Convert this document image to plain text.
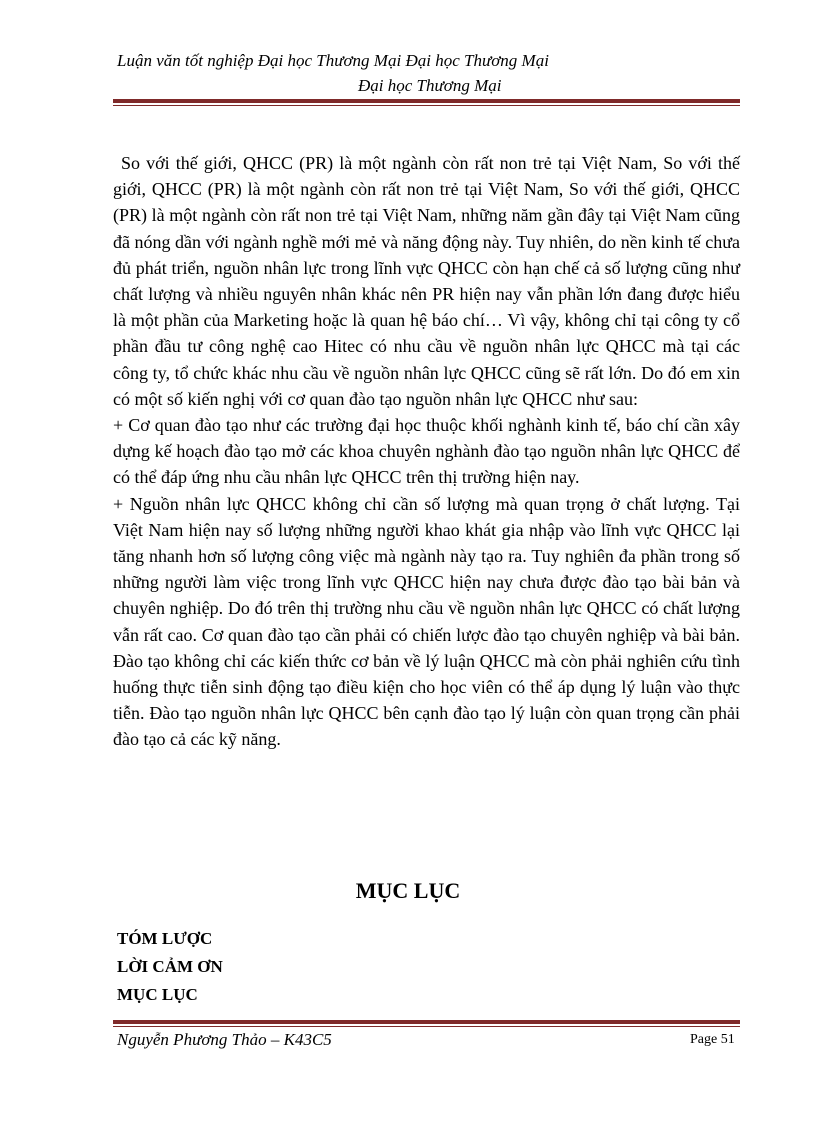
Luận văn tốt nghiệp Đại học Thương Mại Đại học Thương Mại
Đại học Thương Mại

So với thế giới, QHCC (PR) là một ngành còn rất non trẻ tại Việt Nam, So với thế giới, QHCC (PR) là một ngành còn rất non trẻ tại Việt Nam, So với thế giới, QHCC (PR) là một ngành còn rất non trẻ tại Việt Nam, những năm gần đây tại Việt Nam cũng đã nóng dần với ngành nghề mới mẻ và năng động này. Tuy nhiên, do nền kinh tế chưa đủ phát triển, nguồn nhân lực trong lĩnh vực QHCC còn hạn chế cả số lượng cũng như chất lượng và nhiều nguyên nhân khác nên PR hiện nay vẫn phần lớn đang được hiểu là một phần của Marketing hoặc là quan hệ báo chí… Vì vậy, không chỉ tại công ty cổ phần đầu tư công nghệ cao Hitec có nhu cầu về nguồn nhân lực QHCC mà tại các công ty, tổ chức khác nhu cầu về nguồn nhân lực QHCC cũng sẽ rất lớn. Do đó em xin có một số kiến nghị với cơ quan đào tạo nguồn nhân lực QHCC như sau:

+ Cơ quan đào tạo như các trường đại học thuộc khối nghành kinh tế, báo chí cần xây dựng kế hoạch đào tạo mở các khoa chuyên nghành đào tạo nguồn nhân lực QHCC để có thể đáp ứng nhu cầu nhân lực QHCC trên thị trường hiện nay.

+ Nguồn nhân lực QHCC không chỉ cần số lượng mà quan trọng ở chất lượng. Tại Việt Nam hiện nay số lượng những người khao khát gia nhập vào lĩnh vực QHCC lại tăng nhanh hơn số lượng công việc mà ngành này tạo ra. Tuy nghiên đa phần trong số những người làm việc trong lĩnh vực QHCC hiện nay chưa được đào tạo bài bản và chuyên nghiệp. Do đó trên thị trường nhu cầu về nguồn nhân lực QHCC có chất lượng vẫn rất cao. Cơ quan đào tạo cần phải có chiến lược đào tạo chuyên nghiệp và bài bản. Đào tạo không chỉ các kiến thức cơ bản về lý luận QHCC mà còn phải nghiên cứu tình huống thực tiễn sinh động tạo điều kiện cho học viên có thể áp dụng lý luận vào thực tiễn. Đào tạo nguồn nhân lực QHCC bên cạnh đào tạo lý luận còn quan trọng cần phải đào tạo cả các kỹ năng.

MỤC LỤC
TÓM LƯỢC
LỜI CẢM ƠN
MỤC LỤC
Nguyễn Phương Thảo – K43C5	Page 51
